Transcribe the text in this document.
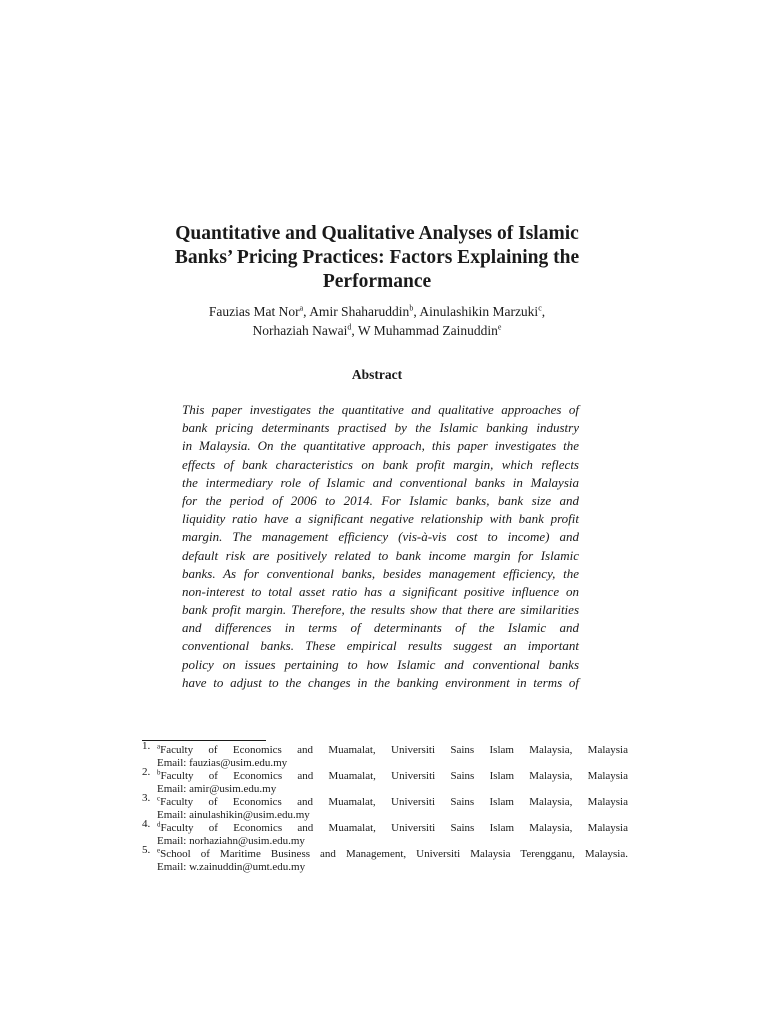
Quantitative and Qualitative Analyses of Islamic
Banks’ Pricing Practices: Factors Explaining the
Performance
Fauzias Mat Nor$^a$, Amir Shaharuddin$^b$, Ainulashikin Marzuki$^c$,
Norhaziah Nawai$^d$, W Muhammad Zainuddin$^e$
Abstract
This paper investigates the quantitative and qualitative approaches of
bank pricing determinants practised by the Islamic banking industry
in Malaysia. On the quantitative approach, this paper investigates the
effects of bank characteristics on bank profit margin, which reflects
the intermediary role of Islamic and conventional banks in Malaysia
for the period of 2006 to 2014. For Islamic banks, bank size and
liquidity ratio have a significant negative relationship with bank profit
margin. The management efficiency (vis-à-vis cost to income) and
default risk are positively related to bank income margin for Islamic
banks. As for conventional banks, besides management efficiency, the
non-interest to total asset ratio has a significant positive influence on
bank profit margin. Therefore, the results show that there are similarities
and differences in terms of determinants of the Islamic and
conventional banks. These empirical results suggest an important
policy on issues pertaining to how Islamic and conventional banks
have to adjust to the changes in the banking environment in terms of
1. $^a$Faculty of Economics and Muamalat, Universiti Sains Islam Malaysia, Malaysia
Email: fauzias@usim.edu.my
2. $^b$Faculty of Economics and Muamalat, Universiti Sains Islam Malaysia, Malaysia
Email: amir@usim.edu.my
3. $^c$Faculty of Economics and Muamalat, Universiti Sains Islam Malaysia, Malaysia
Email: ainulashikin@usim.edu.my
4. $^d$Faculty of Economics and Muamalat, Universiti Sains Islam Malaysia, Malaysia
Email: norhaziahn@usim.edu.my
5. $^e$School of Maritime Business and Management, Universiti Malaysia Terengganu, Malaysia.
Email: w.zainuddin@umt.edu.my
